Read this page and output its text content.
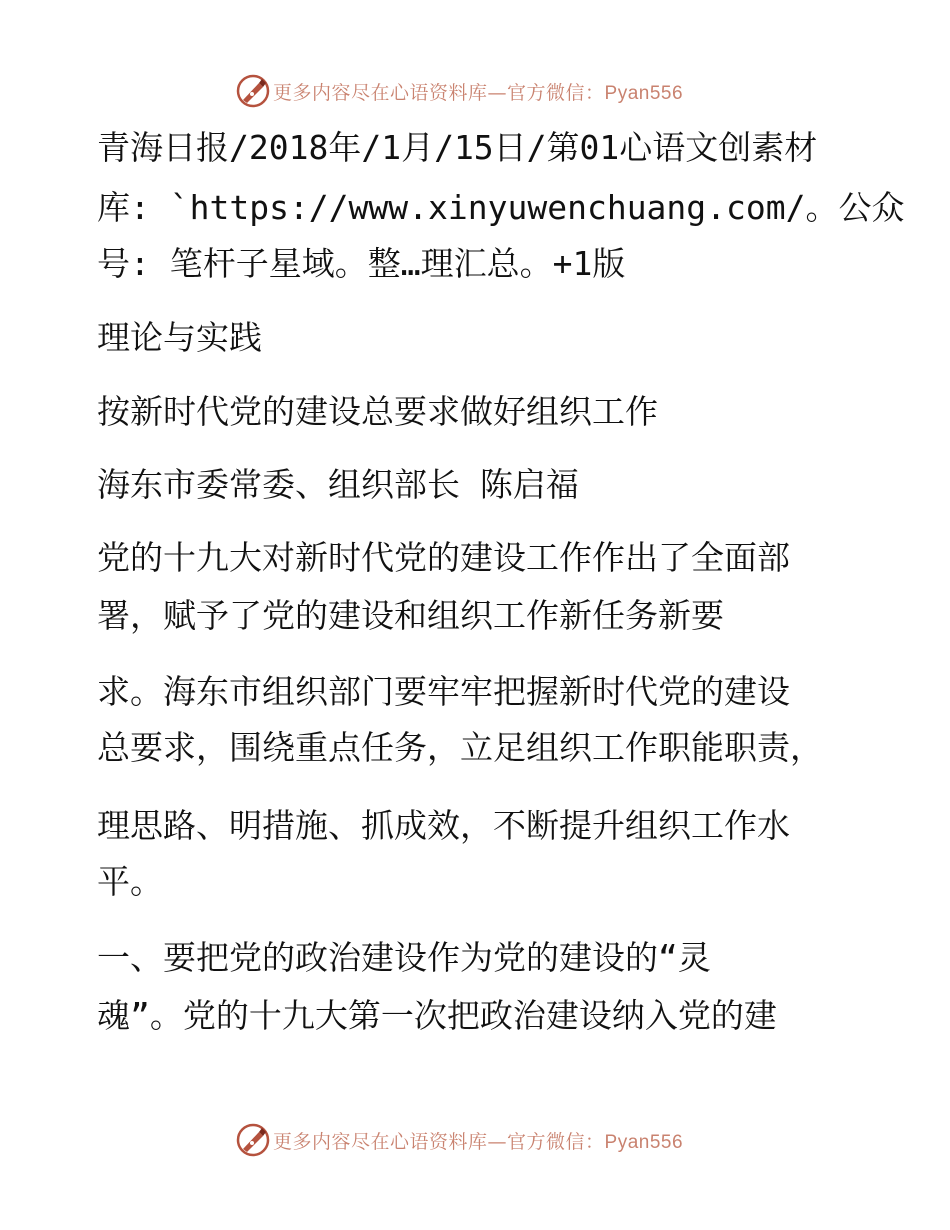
更多内容尽在心语资料库—官方微信：Pyan556
青海日报/2018年/1月/15日/第01心语文创素材
库: `https://www.xinyuwenchuang.com/。公众
号: 笔杆子星域。整…理汇总。+1版
理论与实践
按新时代党的建设总要求做好组织工作
海东市委常委、组织部长 陈启福
党的十九大对新时代党的建设工作作出了全面部
署，赋予了党的建设和组织工作新任务新要
求。海东市组织部门要牢牢把握新时代党的建设
总要求，围绕重点任务，立足组织工作职能职责，
理思路、明措施、抓成效，不断提升组织工作水
平。
一、要把党的政治建设作为党的建设的“灵
魂”。党的十九大第一次把政治建设纳入党的建
更多内容尽在心语资料库—官方微信：Pyan556
